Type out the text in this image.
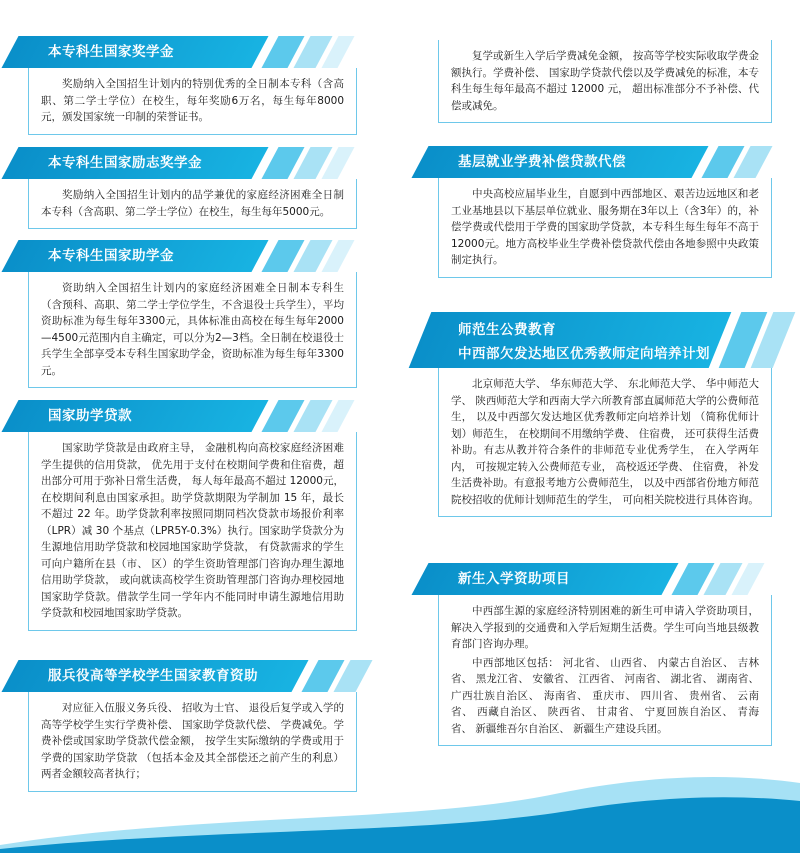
本专科生国家奖学金

奖励纳入全国招生计划内的特别优秀的全日制本专科（含高职、第二学士学位）在校生，每年奖励6万名，每生每年8000元，颁发国家统一印制的荣誉证书。

本专科生国家励志奖学金

奖励纳入全国招生计划内的品学兼优的家庭经济困难全日制本专科（含高职、第二学士学位）在校生，每生每年5000元。

本专科生国家助学金

资助纳入全国招生计划内的家庭经济困难全日制本专科生（含预科、高职、第二学士学位学生，不含退役士兵学生），平均资助标准为每生每年3300元，具体标准由高校在每生每年2000—4500元范围内自主确定，可以分为2—3档。全日制在校退役士兵学生全部享受本专科生国家助学金，资助标准为每生每年3300元。

国家助学贷款

国家助学贷款是由政府主导， 金融机构向高校家庭经济困难学生提供的信用贷款， 优先用于支付在校期间学费和住宿费，超出部分可用于弥补日常生活费， 每人每年最高不超过 12000元，在校期间利息由国家承担。助学贷款期限为学制加 15 年，最长不超过 22 年。助学贷款利率按照同期同档次贷款市场报价利率（LPR）减 30 个基点（LPR5Y-0.3%）执行。国家助学贷款分为生源地信用助学贷款和校园地国家助学贷款， 有贷款需求的学生可向户籍所在县（市、 区）的学生资助管理部门咨询办理生源地信用助学贷款， 或向就读高校学生资助管理部门咨询办理校园地国家助学贷款。借款学生同一学年内不能同时申请生源地信用助学贷款和校园地国家助学贷款。

服兵役高等学校学生国家教育资助

对应征入伍服义务兵役、 招收为士官、 退役后复学或入学的高等学校学生实行学费补偿、 国家助学贷款代偿、 学费减免。学费补偿或国家助学贷款代偿金额， 按学生实际缴纳的学费或用于学费的国家助学贷款 （包括本金及其全部偿还之前产生的利息）两者金额较高者执行；

复学或新生入学后学费减免金额， 按高等学校实际收取学费金额执行。学费补偿、 国家助学贷款代偿以及学费减免的标准，本专科生每生每年最高不超过 12000 元， 超出标准部分不予补偿、代偿或减免。

基层就业学费补偿贷款代偿

中央高校应届毕业生，自愿到中西部地区、艰苦边远地区和老工业基地县以下基层单位就业、服务期在3年以上（含3年）的，补偿学费或代偿用于学费的国家助学贷款，本专科生每生每年不高于12000元。地方高校毕业生学费补偿贷款代偿由各地参照中央政策制定执行。

师范生公费教育
中西部欠发达地区优秀教师定向培养计划

北京师范大学、 华东师范大学、 东北师范大学、 华中师范大学、 陕西师范大学和西南大学六所教育部直属师范大学的公费师范生， 以及中西部欠发达地区优秀教师定向培养计划 （简称优师计划）师范生， 在校期间不用缴纳学费、 住宿费， 还可获得生活费补助。有志从教并符合条件的非师范专业优秀学生， 在入学两年内， 可按规定转入公费师范专业， 高校返还学费、 住宿费， 补发生活费补助。有意报考地方公费师范生， 以及中西部省份地方师范院校招收的优师计划师范生的学生， 可向相关院校进行具体咨询。

新生入学资助项目

中西部生源的家庭经济特别困难的新生可申请入学资助项目，解决入学报到的交通费和入学后短期生活费。学生可向当地县级教育部门咨询办理。

中西部地区包括： 河北省、 山西省、 内蒙古自治区、 吉林省、 黑龙江省、 安徽省、 江西省、 河南省、 湖北省、 湖南省、 广西壮族自治区、 海南省、 重庆市、 四川省、 贵州省、 云南省、 西藏自治区、 陕西省、 甘肃省、 宁夏回族自治区、 青海省、 新疆维吾尔自治区、 新疆生产建设兵团。
